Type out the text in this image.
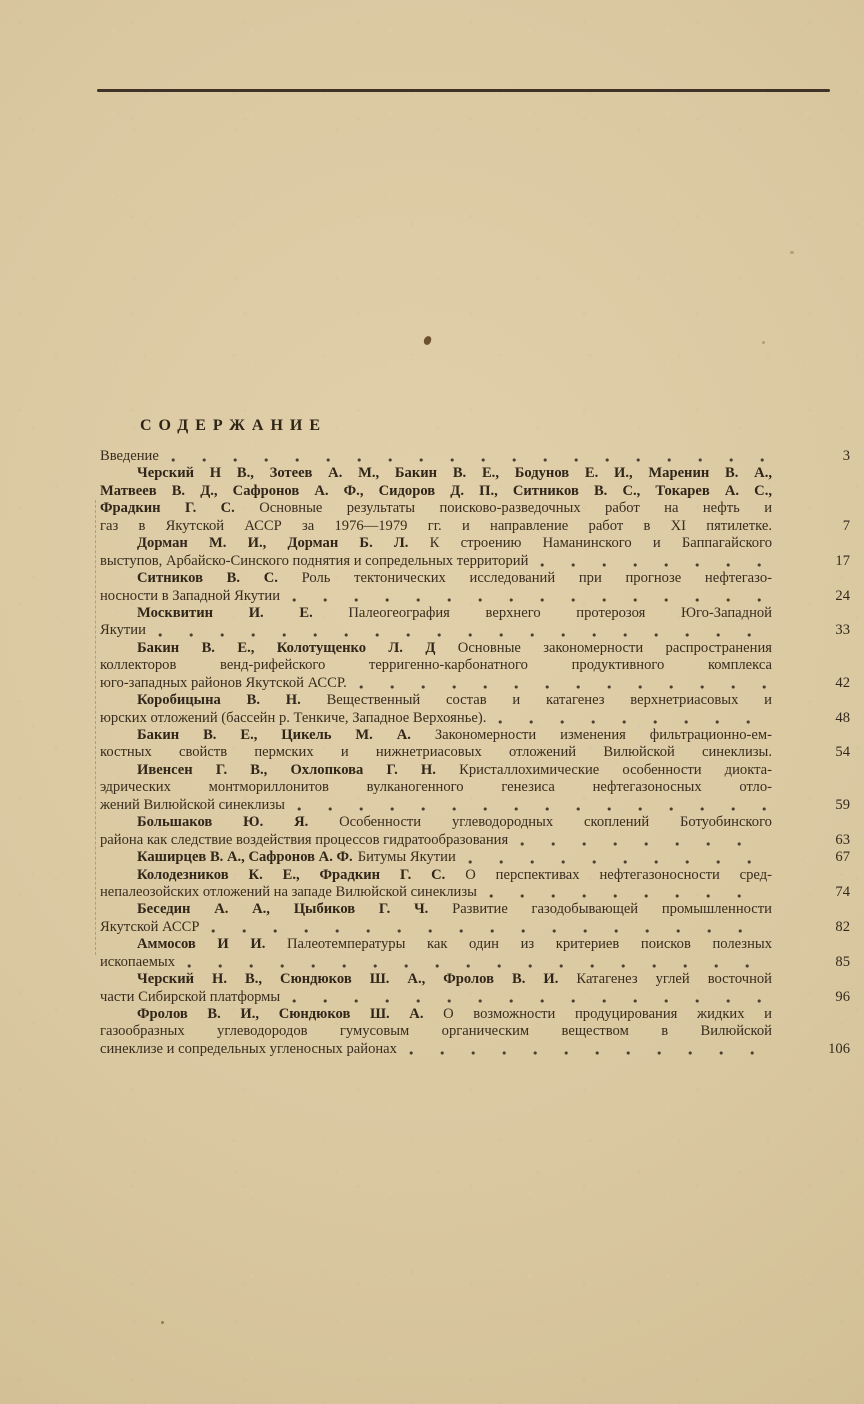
СОДЕРЖАНИЕ
Введение	3
Черский Н В., Зотеев А. М., Бакин В. Е., Бодунов Е. И., Маренин В. А.,
Матвеев В. Д., Сафронов А. Ф., Сидоров Д. П., Ситников В. С., Токарев А. С.,
Фрадкин Г. С. Основные результаты поисково-разведочных работ на нефть и
газ в Якутской АССР за 1976—1979 гг. и направление работ в XI пятилетке.	7
Дорман М. И., Дорман Б. Л. К строению Наманинского и Баппагайского
выступов, Арбайско-Синского поднятия и сопредельных территорий	17
Ситников В. С. Роль тектонических исследований при прогнозе нефтегазо-
носности в Западной Якутии	24
Москвитин И. Е. Палеогеография верхнего протерозоя Юго-Западной
Якутии	33
Бакин В. Е., Колотущенко Л. Д Основные закономерности распространения
коллекторов венд-рифейского терригенно-карбонатного продуктивного комплекса
юго-западных районов Якутской АССР.	42
Коробицына В. Н. Вещественный состав и катагенез верхнетриасовых и
юрских отложений (бассейн р. Тенкиче, Западное Верхоянье).	48
Бакин В. Е., Цикель М. А. Закономерности изменения фильтрационно-ем-
костных свойств пермских и нижнетриасовых отложений Вилюйской синеклизы.	54
Ивенсен Г. В., Охлопкова Г. Н. Кристаллохимические особенности диокта-
эдрических монтмориллонитов вулканогенного генезиса нефтегазоносных отло-
жений Вилюйской синеклизы	59
Большаков Ю. Я. Особенности углеводородных скоплений Ботуобинского
района как следствие воздействия процессов гидратообразования	63
Каширцев В. А., Сафронов А. Ф. Битумы Якутии	67
Колодезников К. Е., Фрадкин Г. С. О перспективах нефтегазоносности сред-
непалеозойских отложений на западе Вилюйской синеклизы	74
Беседин А. А., Цыбиков Г. Ч. Развитие газодобывающей промышленности
Якутской АССР	82
Аммосов И И. Палеотемпературы как один из критериев поисков полезных
ископаемых	85
Черский Н. В., Сюндюков Ш. А., Фролов В. И. Катагенез углей восточной
части Сибирской платформы	96
Фролов В. И., Сюндюков Ш. А. О возможности продуцирования жидких и
газообразных углеводородов гумусовым органическим веществом в Вилюйской
синеклизе и сопредельных угленосных районах	106
